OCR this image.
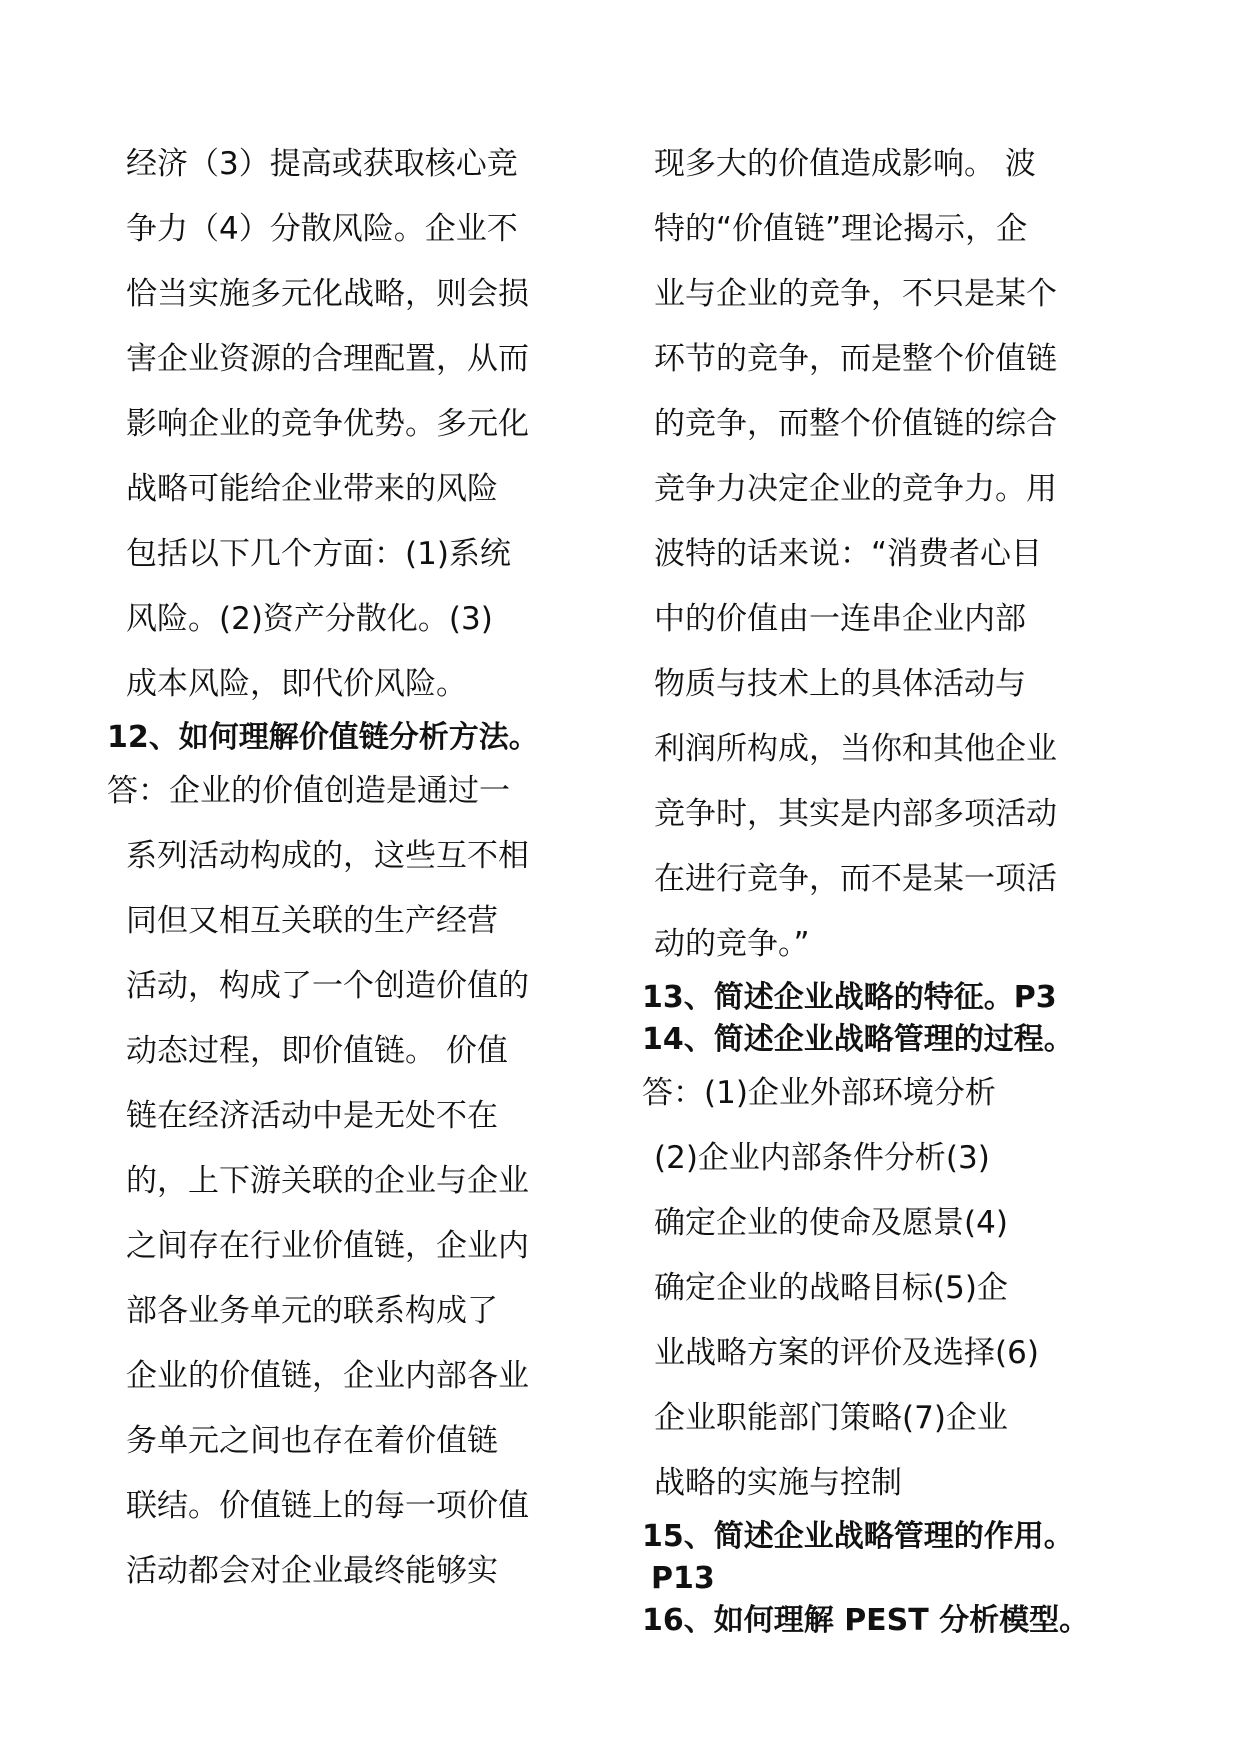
经济（3）提高或获取核心竞
争力（4）分散风险。企业不
恰当实施多元化战略，则会损
害企业资源的合理配置，从而
影响企业的竞争优势。多元化
战略可能给企业带来的风险
包括以下几个方面：(1)系统
风险。(2)资产分散化。(3)
成本风险，即代价风险。
12、如何理解价值链分析方法。
答：企业的价值创造是通过一
系列活动构成的，这些互不相
同但又相互关联的生产经营
活动，构成了一个创造价值的
动态过程，即价值链。 价值
链在经济活动中是无处不在
的，上下游关联的企业与企业
之间存在行业价值链，企业内
部各业务单元的联系构成了
企业的价值链，企业内部各业
务单元之间也存在着价值链
联结。价值链上的每一项价值
活动都会对企业最终能够实
现多大的价值造成影响。 波
特的“价值链”理论揭示，企
业与企业的竞争，不只是某个
环节的竞争，而是整个价值链
的竞争，而整个价值链的综合
竞争力决定企业的竞争力。用
波特的话来说：“消费者心目
中的价值由一连串企业内部
物质与技术上的具体活动与
利润所构成，当你和其他企业
竞争时，其实是内部多项活动
在进行竞争，而不是某一项活
动的竞争。”
13、简述企业战略的特征。P3
14、简述企业战略管理的过程。
答：(1)企业外部环境分析
(2)企业内部条件分析(3)
确定企业的使命及愿景(4)
确定企业的战略目标(5)企
业战略方案的评价及选择(6)
企业职能部门策略(7)企业
战略的实施与控制
15、简述企业战略管理的作用。
P13
16、如何理解 PEST 分析模型。
